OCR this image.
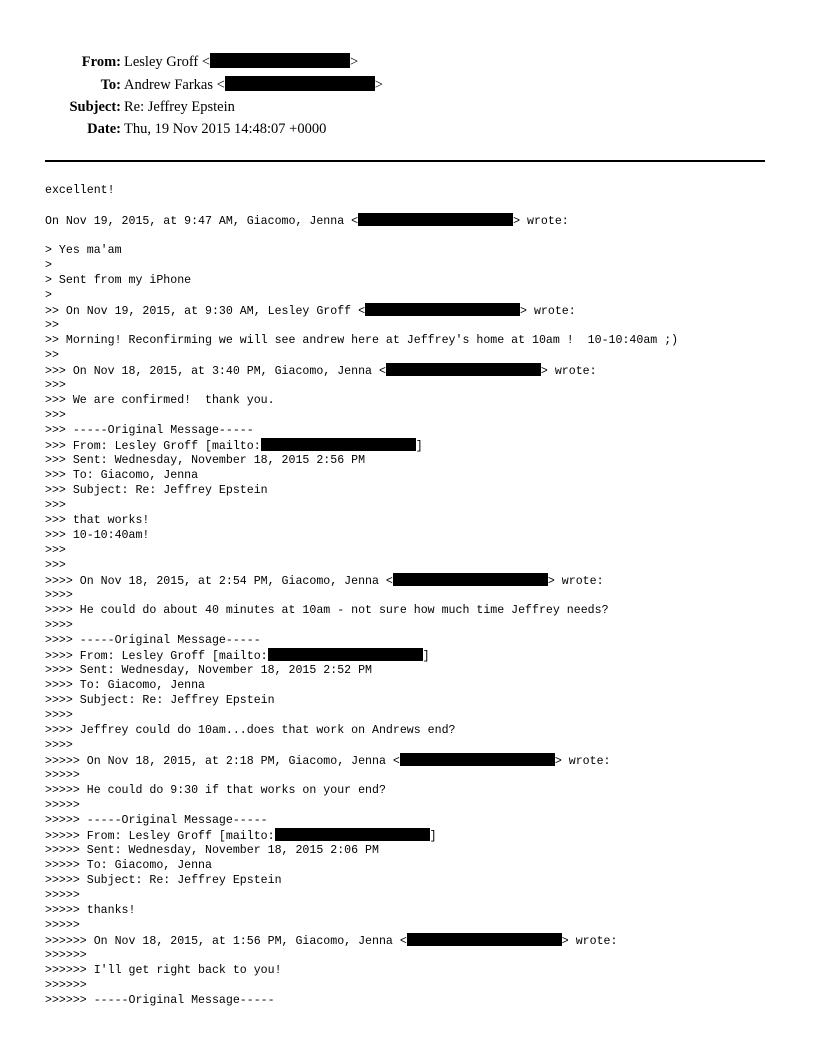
From: Lesley Groff <	>
To: Andrew Farkas <	>
Subject: Re: Jeffrey Epstein
Date: Thu, 19 Nov 2015 14:48:07 +0000
excellent!
On Nov 19, 2015, at 9:47 AM, Giacomo, Jenna <	> wrote:
> Yes ma'am
>
> Sent from my iPhone
>
>> On Nov 19, 2015, at 9:30 AM, Lesley Groff <	> wrote:
>>
>> Morning! Reconfirming we will see andrew here at Jeffrey's home at 10am !  10-10:40am ;)
>>
>>> On Nov 18, 2015, at 3:40 PM, Giacomo, Jenna <	> wrote:
>>>
>>> We are confirmed!  thank you.
>>>
>>> -----Original Message-----
>>> From: Lesley Groff [mailto:	]
>>> Sent: Wednesday, November 18, 2015 2:56 PM
>>> To: Giacomo, Jenna
>>> Subject: Re: Jeffrey Epstein
>>>
>>> that works!
>>> 10-10:40am!
>>>
>>>
>>>> On Nov 18, 2015, at 2:54 PM, Giacomo, Jenna <	> wrote:
>>>>
>>>> He could do about 40 minutes at 10am - not sure how much time Jeffrey needs?
>>>>
>>>> -----Original Message-----
>>>> From: Lesley Groff [mailto:	]
>>>> Sent: Wednesday, November 18, 2015 2:52 PM
>>>> To: Giacomo, Jenna
>>>> Subject: Re: Jeffrey Epstein
>>>>
>>>> Jeffrey could do 10am...does that work on Andrews end?
>>>>
>>>>> On Nov 18, 2015, at 2:18 PM, Giacomo, Jenna <	> wrote:
>>>>>
>>>>> He could do 9:30 if that works on your end?
>>>>>
>>>>> -----Original Message-----
>>>>> From: Lesley Groff [mailto:	]
>>>>> Sent: Wednesday, November 18, 2015 2:06 PM
>>>>> To: Giacomo, Jenna
>>>>> Subject: Re: Jeffrey Epstein
>>>>>
>>>>> thanks!
>>>>>
>>>>>> On Nov 18, 2015, at 1:56 PM, Giacomo, Jenna <	> wrote:
>>>>>>
>>>>>> I'll get right back to you!
>>>>>>
>>>>>> -----Original Message-----
